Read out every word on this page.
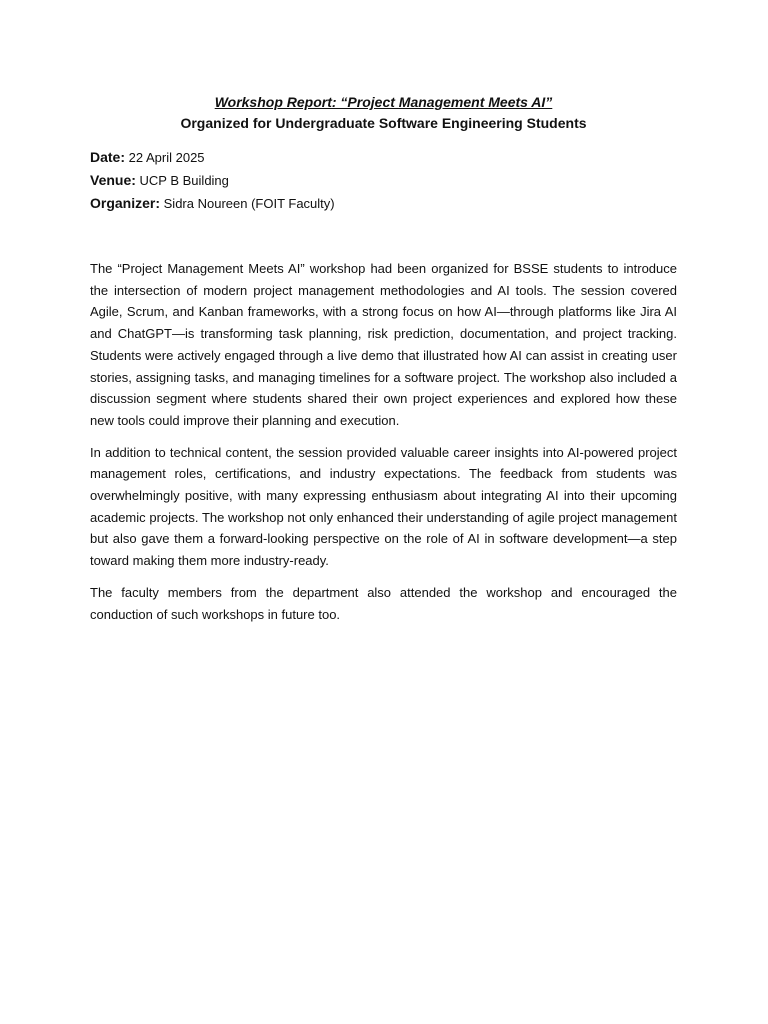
Workshop Report: “Project Management Meets AI”

Organized for Undergraduate Software Engineering Students

Date: 22 April 2025

Venue: UCP B Building

Organizer: Sidra Noureen (FOIT Faculty)

The “Project Management Meets AI” workshop had been organized for BSSE students to introduce the intersection of modern project management methodologies and AI tools. The session covered Agile, Scrum, and Kanban frameworks, with a strong focus on how AI—through platforms like Jira AI and ChatGPT—is transforming task planning, risk prediction, documentation, and project tracking. Students were actively engaged through a live demo that illustrated how AI can assist in creating user stories, assigning tasks, and managing timelines for a software project. The workshop also included a discussion segment where students shared their own project experiences and explored how these new tools could improve their planning and execution.

In addition to technical content, the session provided valuable career insights into AI-powered project management roles, certifications, and industry expectations. The feedback from students was overwhelmingly positive, with many expressing enthusiasm about integrating AI into their upcoming academic projects. The workshop not only enhanced their understanding of agile project management but also gave them a forward-looking perspective on the role of AI in software development—a step toward making them more industry-ready.

The faculty members from the department also attended the workshop and encouraged the conduction of such workshops in future too.
